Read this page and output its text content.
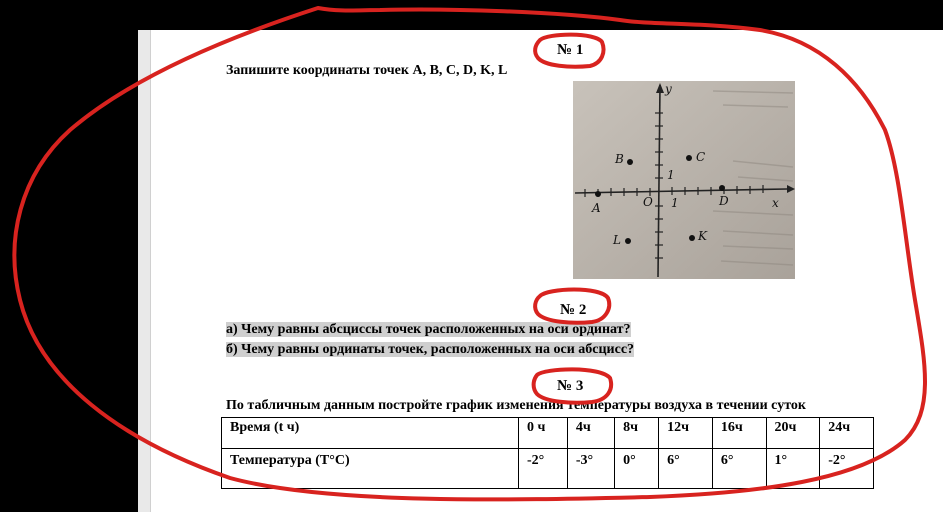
№ 1
Запишите координаты точек A, B, C, D, K, L
A
B	C
D
K
L
O 1
1
x
y
№ 2
а) Чему равны абсциссы точек расположенных на оси ординат?
б) Чему равны ординаты точек, расположенных на оси абсцисс?
№ 3
По табличным данным постройте график изменения температуры воздуха в течении суток
Время (t ч)	0 ч	4ч	8ч	12ч	16ч	20ч	24ч
Температура (T°C)	-2°	-3°	0°	6°	6°	1°	-2°
